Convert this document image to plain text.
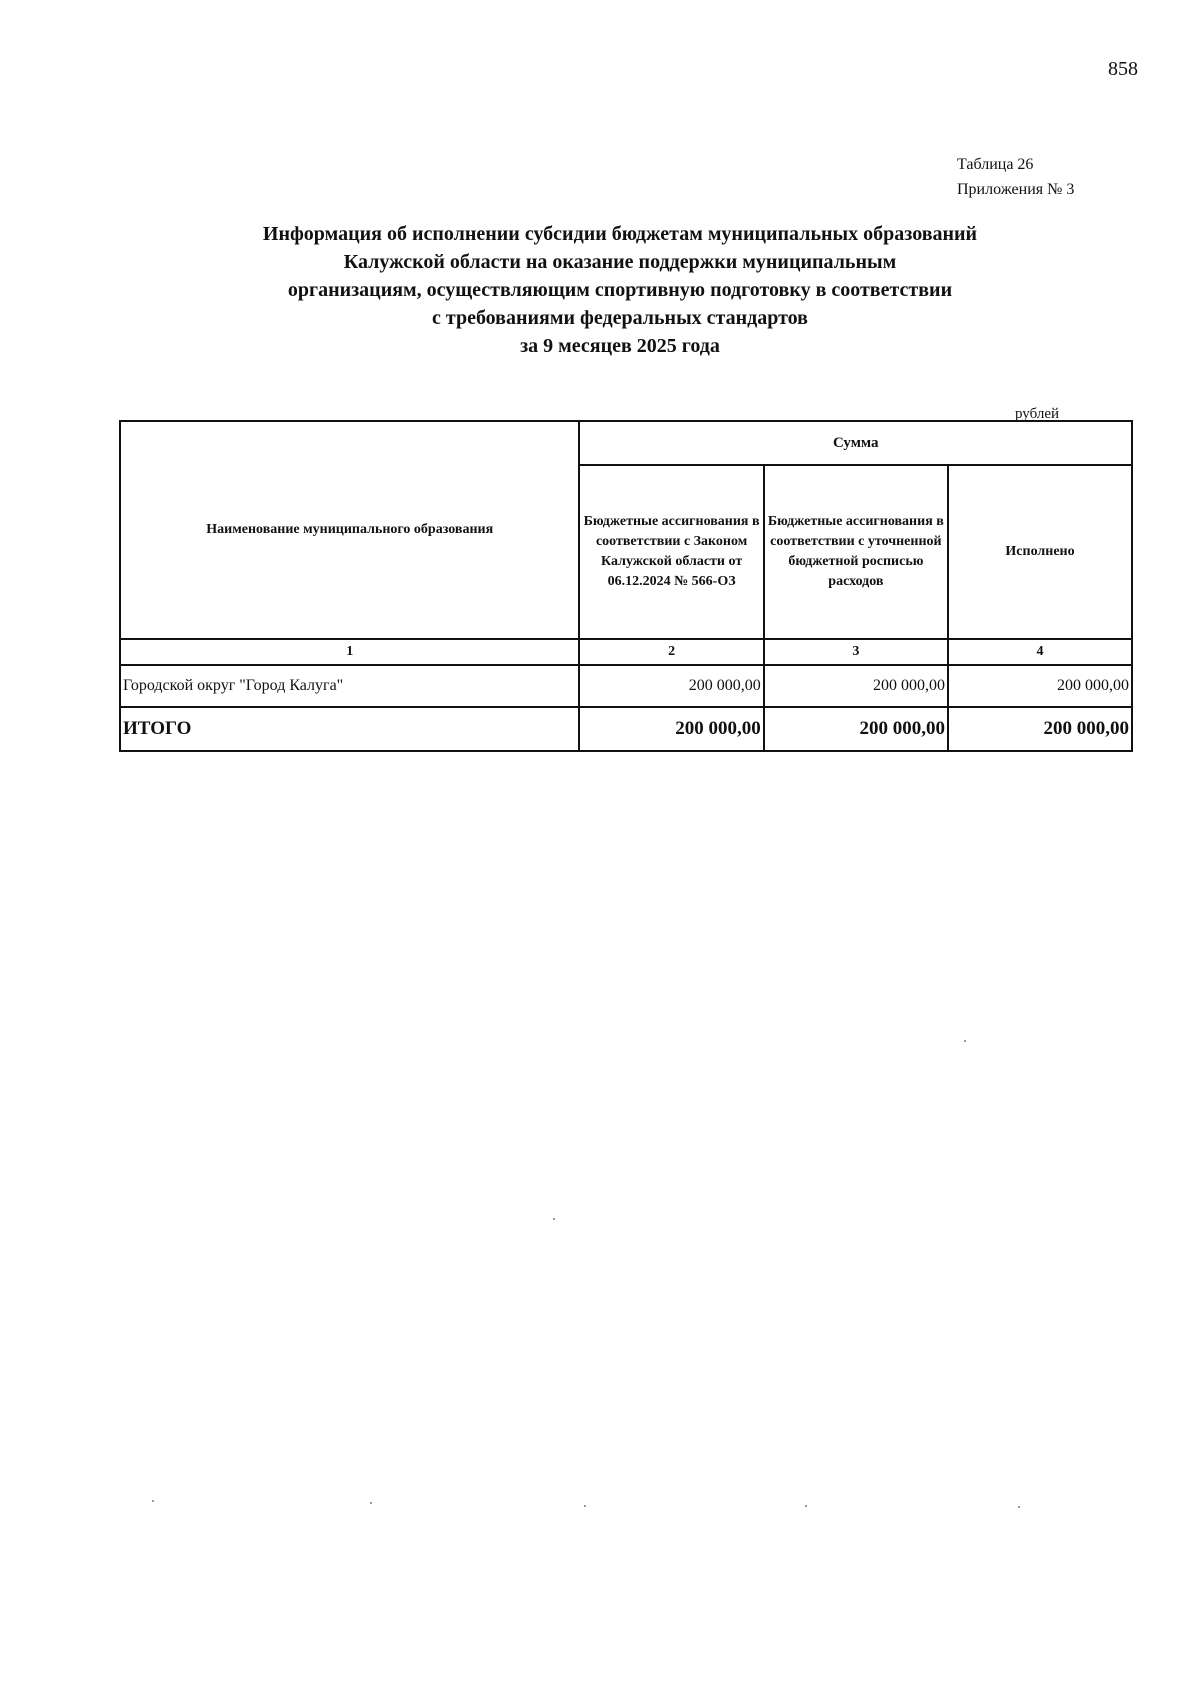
858
Таблица 26
Приложения № 3
Информация об исполнении субсидии бюджетам муниципальных образований
Калужской области на оказание поддержки муниципальным
организациям, осуществляющим спортивную подготовку в соответствии
с требованиями федеральных стандартов
за 9 месяцев 2025 года
рублей
Наименование муниципального образования	Сумма		
	Бюджетные ассигнования в соответствии с Законом Калужской области от 06.12.2024 № 566-ОЗ	Бюджетные ассигнования в соответствии с уточненной бюджетной росписью расходов	Исполнено
1	2	3	4
Городской округ "Город Калуга"	200 000,00	200 000,00	200 000,00
ИТОГО	200 000,00	200 000,00	200 000,00
